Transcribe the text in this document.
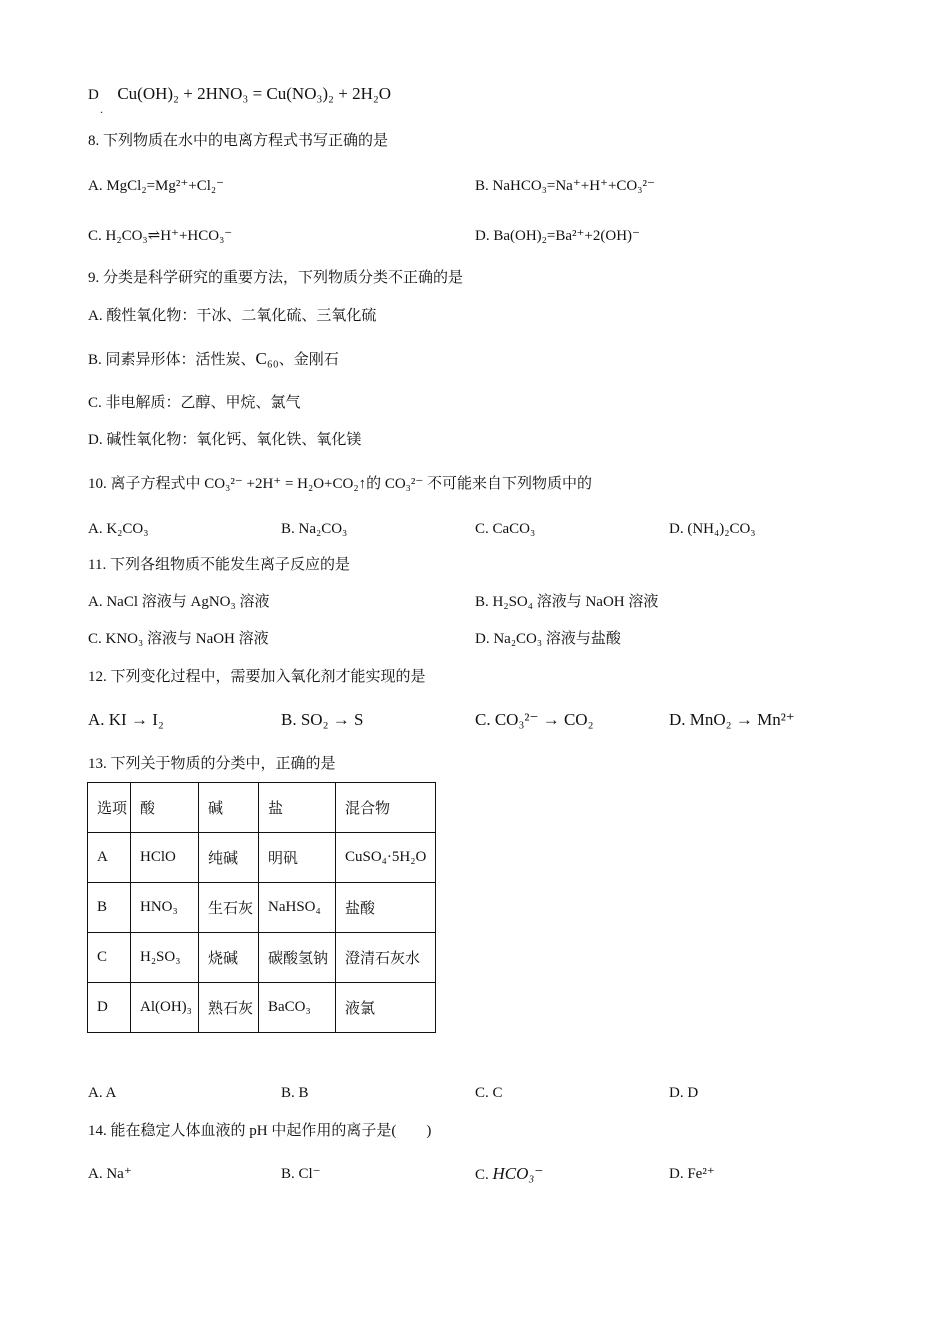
D Cu(OH)₂ + 2HNO₃ = Cu(NO₃)₂ + 2H₂O
.
8. 下列物质在水中的电离方程式书写正确的是
A. MgCl₂=Mg²⁺+Cl₂⁻	B. NaHCO₃=Na⁺+H⁺+CO₃²⁻
C. H₂CO₃⇌H⁺+HCO₃⁻	D. Ba(OH)₂=Ba²⁺+2(OH)⁻
9. 分类是科学研究的重要方法，下列物质分类不正确的是
A. 酸性氧化物：干冰、二氧化硫、三氧化硫
B. 同素异形体：活性炭、C₆₀、金刚石
C. 非电解质：乙醇、甲烷、氯气
D. 碱性氧化物：氧化钙、氧化铁、氧化镁
10. 离子方程式中 CO₃²⁻ +2H⁺ = H₂O+CO₂↑的 CO₃²⁻ 不可能来自下列物质中的
A. K₂CO₃	B. Na₂CO₃	C. CaCO₃	D. (NH₄)₂CO₃
11. 下列各组物质不能发生离子反应的是
A. NaCl 溶液与 AgNO₃ 溶液	B. H₂SO₄ 溶液与 NaOH 溶液
C. KNO₃ 溶液与 NaOH 溶液	D. Na₂CO₃ 溶液与盐酸
12. 下列变化过程中，需要加入氧化剂才能实现的是
A. KI → I₂	B. SO₂ → S	C. CO₃²⁻ → CO₂	D. MnO₂ → Mn²⁺
13. 下列关于物质的分类中，正确的是
选项	酸	碱	盐	混合物
A	HClO	纯碱	明矾	CuSO₄·5H₂O
B	HNO₃	生石灰	NaHSO₄	盐酸
C	H₂SO₃	烧碱	碳酸氢钠	澄清石灰水
D	Al(OH)₃	熟石灰	BaCO₃	液氯
A. A	B. B	C. C	D. D
14. 能在稳定人体血液的 pH 中起作用的离子是(　　)
A. Na⁺	B. Cl⁻	C. HCO₃⁻	D. Fe²⁺
